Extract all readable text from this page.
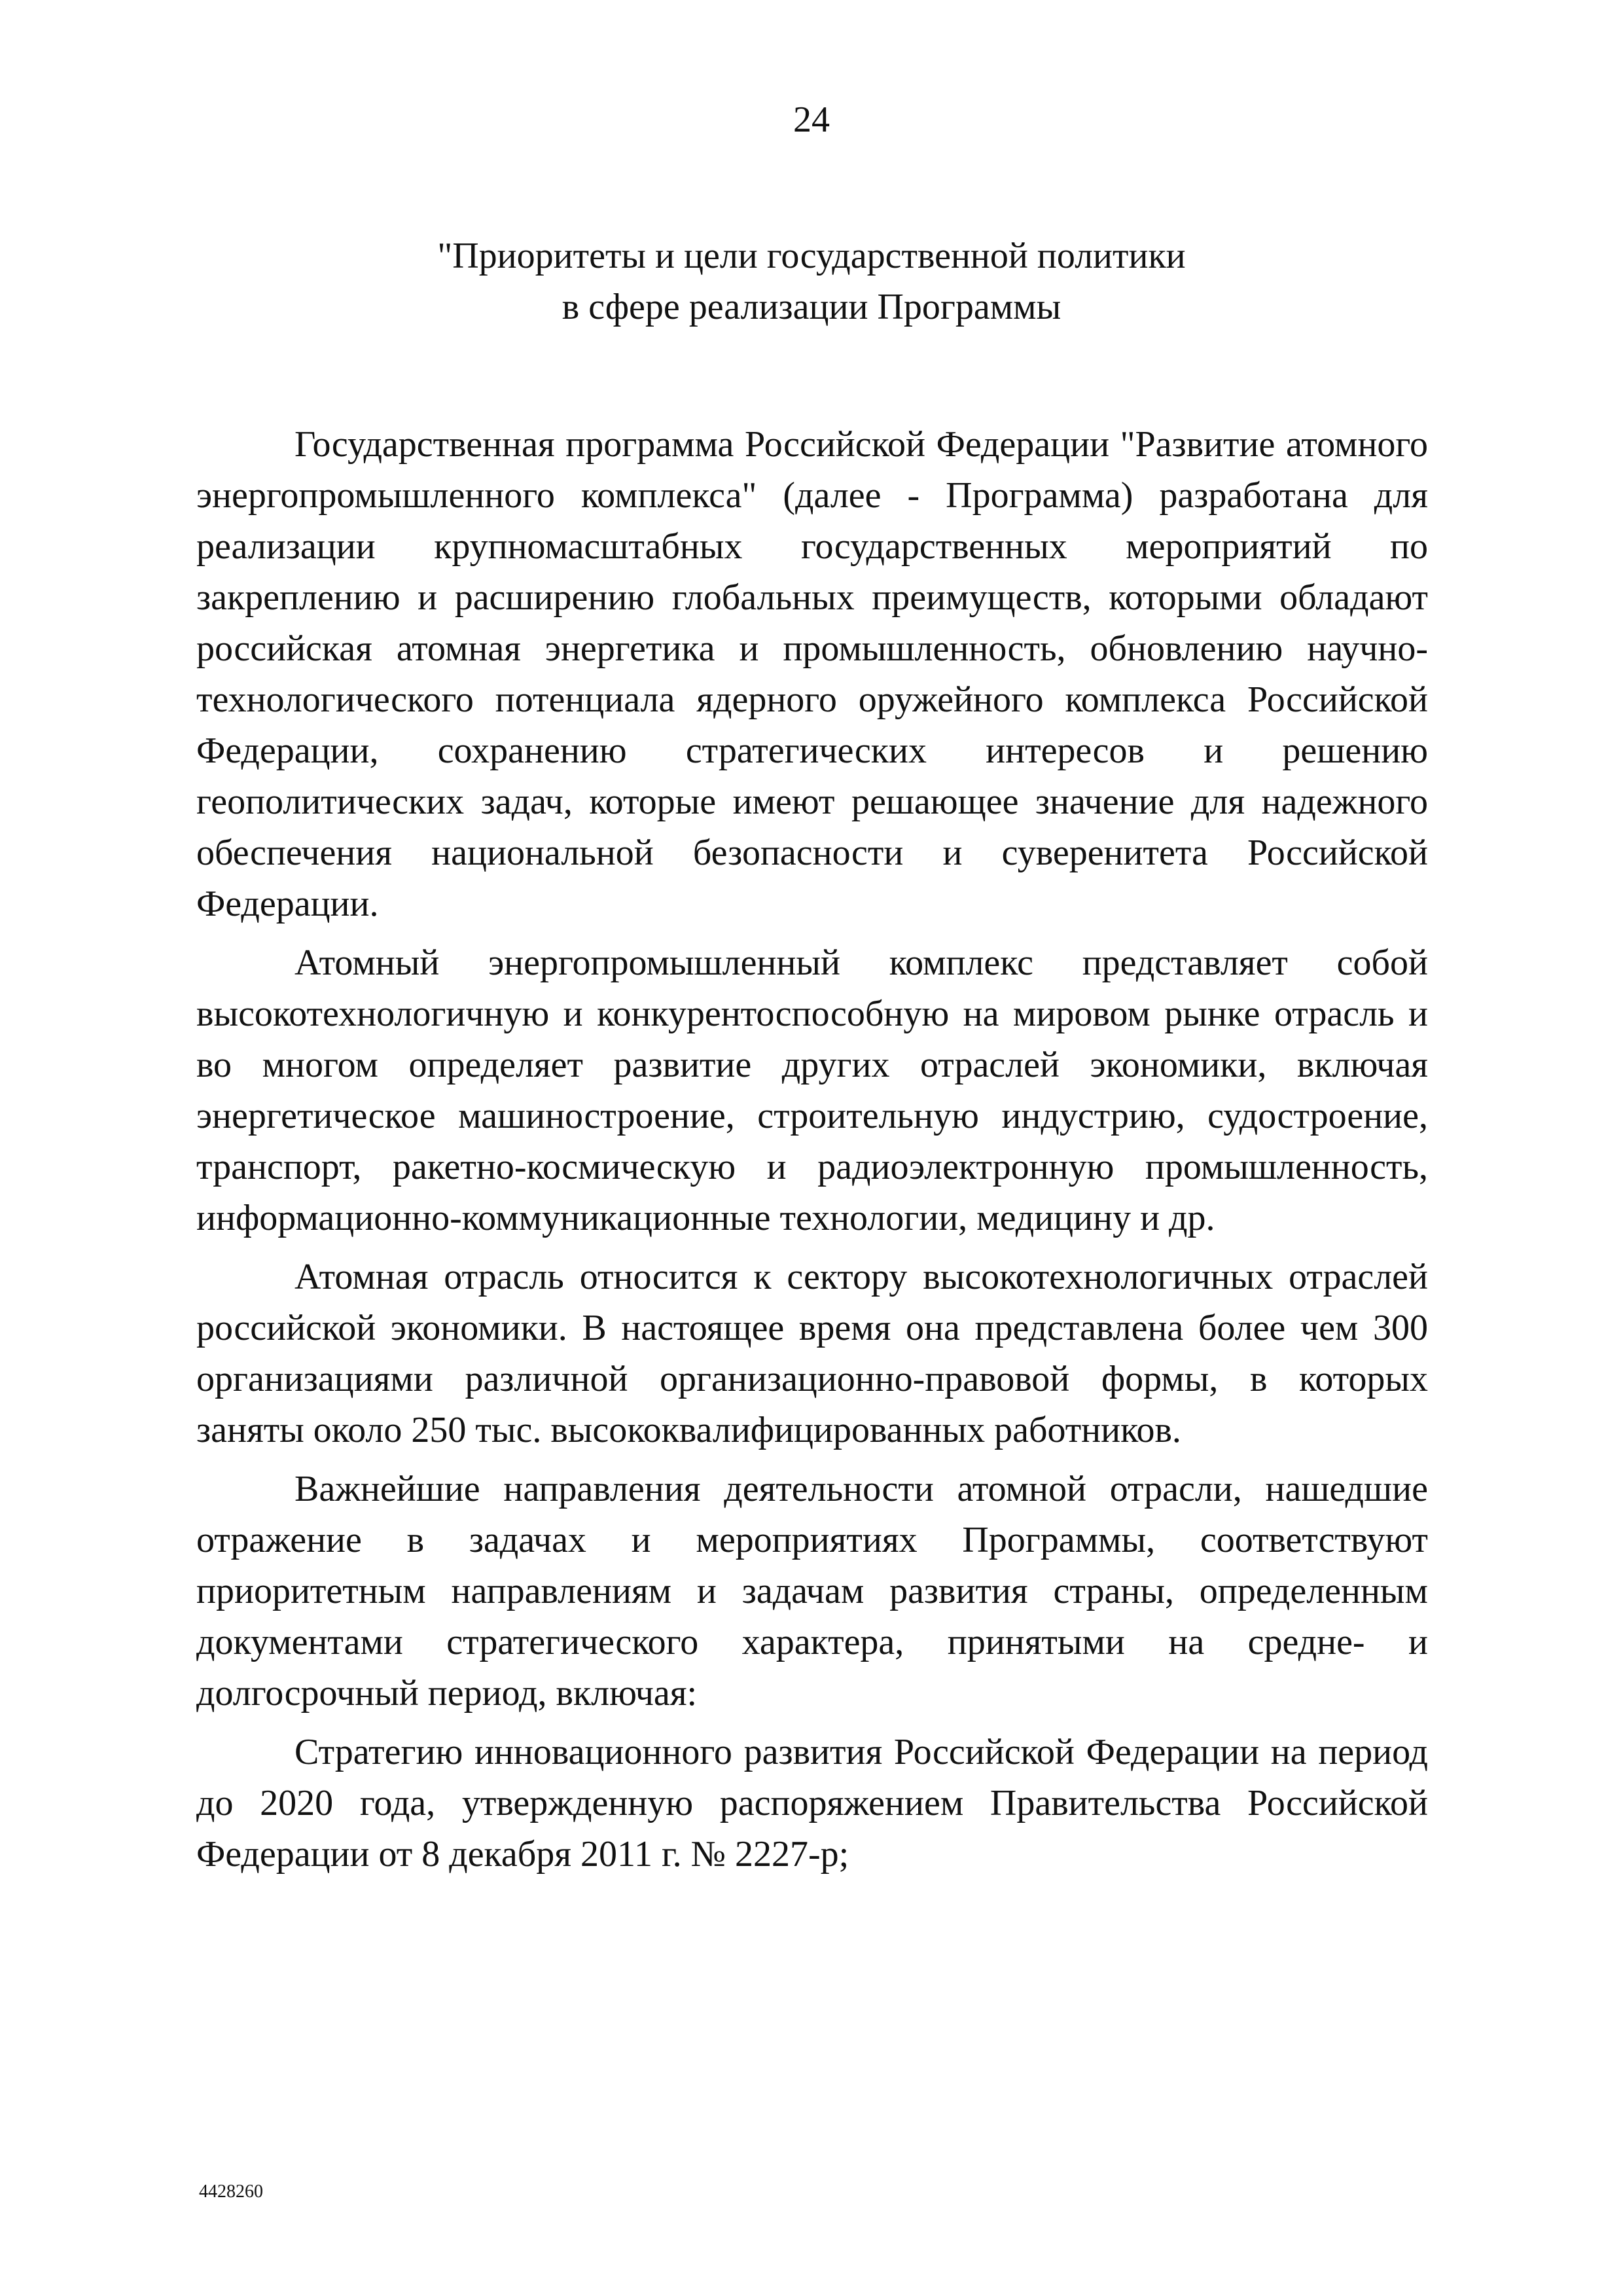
24
"Приоритеты и цели государственной политики
в сфере реализации Программы

Государственная программа Российской Федерации "Развитие атомного энергопромышленного комплекса" (далее - Программа) разработана для реализации крупномасштабных государственных мероприятий по закреплению и расширению глобальных преимуществ, которыми обладают российская атомная энергетика и промышленность, обновлению научно-технологического потенциала ядерного оружейного комплекса Российской Федерации, сохранению стратегических интересов и решению геополитических задач, которые имеют решающее значение для надежного обеспечения национальной безопасности и суверенитета Российской Федерации.

Атомный энергопромышленный комплекс представляет собой высокотехнологичную и конкурентоспособную на мировом рынке отрасль и во многом определяет развитие других отраслей экономики, включая энергетическое машиностроение, строительную индустрию, судостроение, транспорт, ракетно-космическую и радиоэлектронную промышленность, информационно-коммуникационные технологии, медицину и др.

Атомная отрасль относится к сектору высокотехнологичных отраслей российской экономики. В настоящее время она представлена более чем 300 организациями различной организационно-правовой формы, в которых заняты около 250 тыс. высококвалифицированных работников.

Важнейшие направления деятельности атомной отрасли, нашедшие отражение в задачах и мероприятиях Программы, соответствуют приоритетным направлениям и задачам развития страны, определенным документами стратегического характера, принятыми на средне- и долгосрочный период, включая:

Стратегию инновационного развития Российской Федерации на период до 2020 года, утвержденную распоряжением Правительства Российской Федерации от 8 декабря 2011 г. № 2227-р;

4428260
